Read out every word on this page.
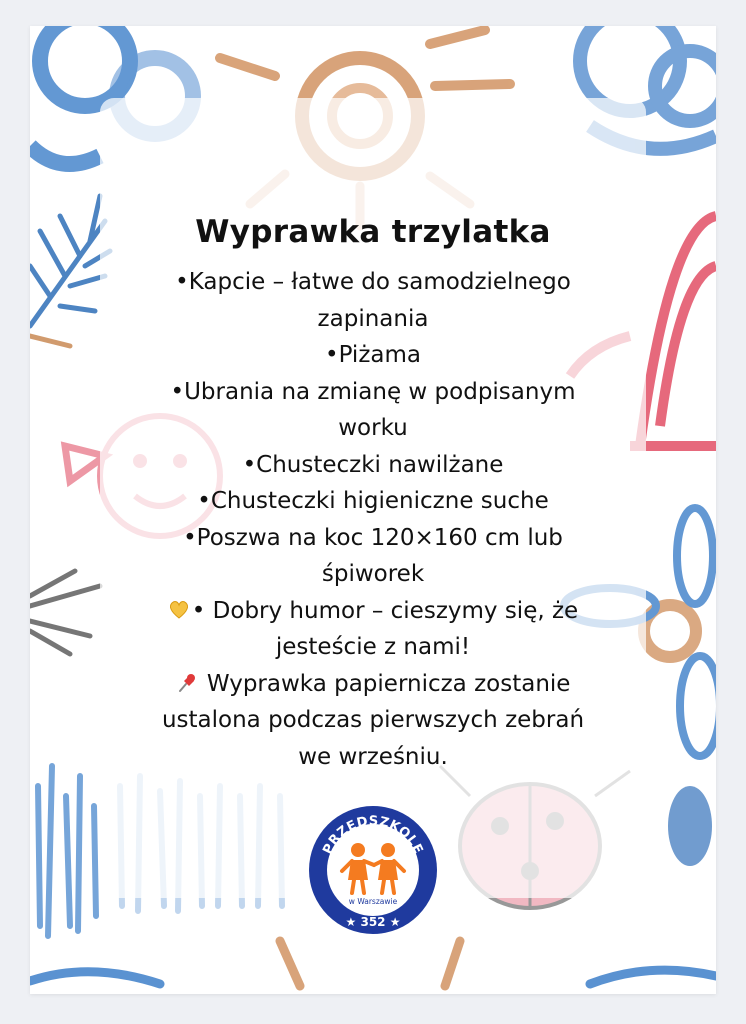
Wyprawka trzylatka

•Kapcie – łatwe do samodzielnego

zapinania

•Piżama

•Ubrania na zmianę w podpisanym

worku

•Chusteczki nawilżane

•Chusteczki higieniczne suche

•Poszwa na koc 120×160 cm lub

śpiworek

• Dobry humor – cieszymy się, że

jesteście z nami!

Wyprawka papiernicza zostanie

ustalona podczas pierwszych zebrań

we wrześniu.

PRZEDSZKOLE
w Warszawie
★ 352 ★
